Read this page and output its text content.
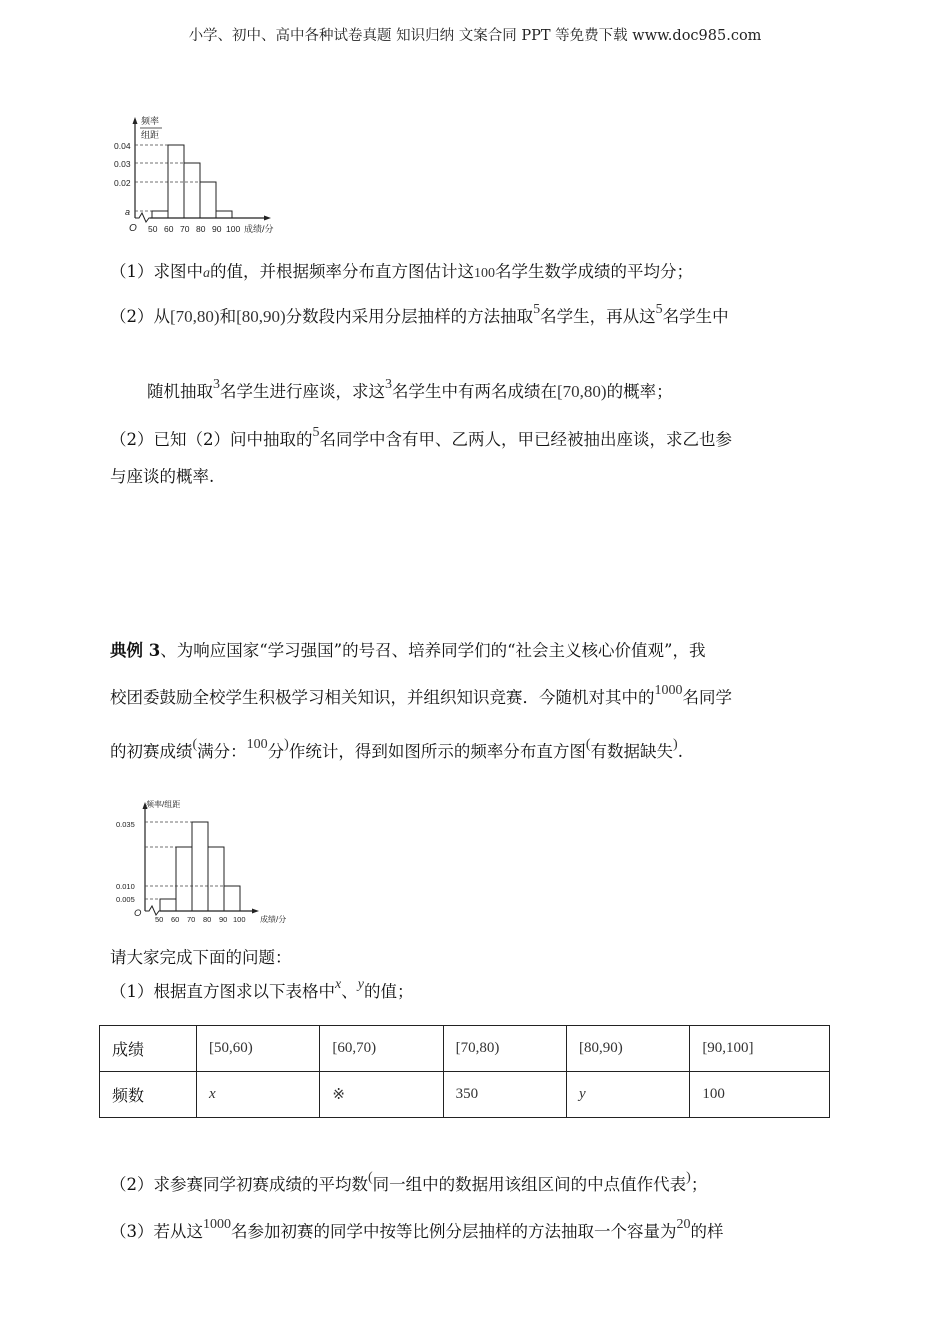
小学、初中、高中各种试卷真题 知识归纳 文案合同 PPT 等免费下载 www.doc985.com
频率
组距
0.04
0.03
0.02
a
O 50 60 70 80 90 100 成绩/分
（1）求图中a的值，并根据频率分布直方图估计这100名学生数学成绩的平均分；
（2）从[70,80)和[80,90)分数段内采用分层抽样的方法抽取$^5$名学生，再从这$^5$名学生中
随机抽取$^3$名学生进行座谈，求这$^3$名学生中有两名成绩在[70,80)的概率；
（2）已知（2）问中抽取的$^5$名同学中含有甲、乙两人，甲已经被抽出座谈，求乙也参
与座谈的概率.
典例 3、为响应国家“学习强国”的号召、培养同学们的“社会主义核心价值观”，我
校团委鼓励全校学生积极学习相关知识，并组织知识竞赛．今随机对其中的$^{1000}$名同学
的初赛成绩(满分：$^{100}$分)作统计，得到如图所示的频率分布直方图(有数据缺失).
频率/组距
0.035
0.010
0.005
O
50 60 70 80 90 100 成绩/分
请大家完成下面的问题：
（1）根据直方图求以下表格中$^x$、$^y$的值；
成绩	[50,60)	[60,70)	[70,80)	[80,90)	[90,100]
频数	x	※	350	y	100
（2）求参赛同学初赛成绩的平均数(同一组中的数据用该组区间的中点值作代表)；
（3）若从这$^{1000}$名参加初赛的同学中按等比例分层抽样的方法抽取一个容量为$^{20}$的样
